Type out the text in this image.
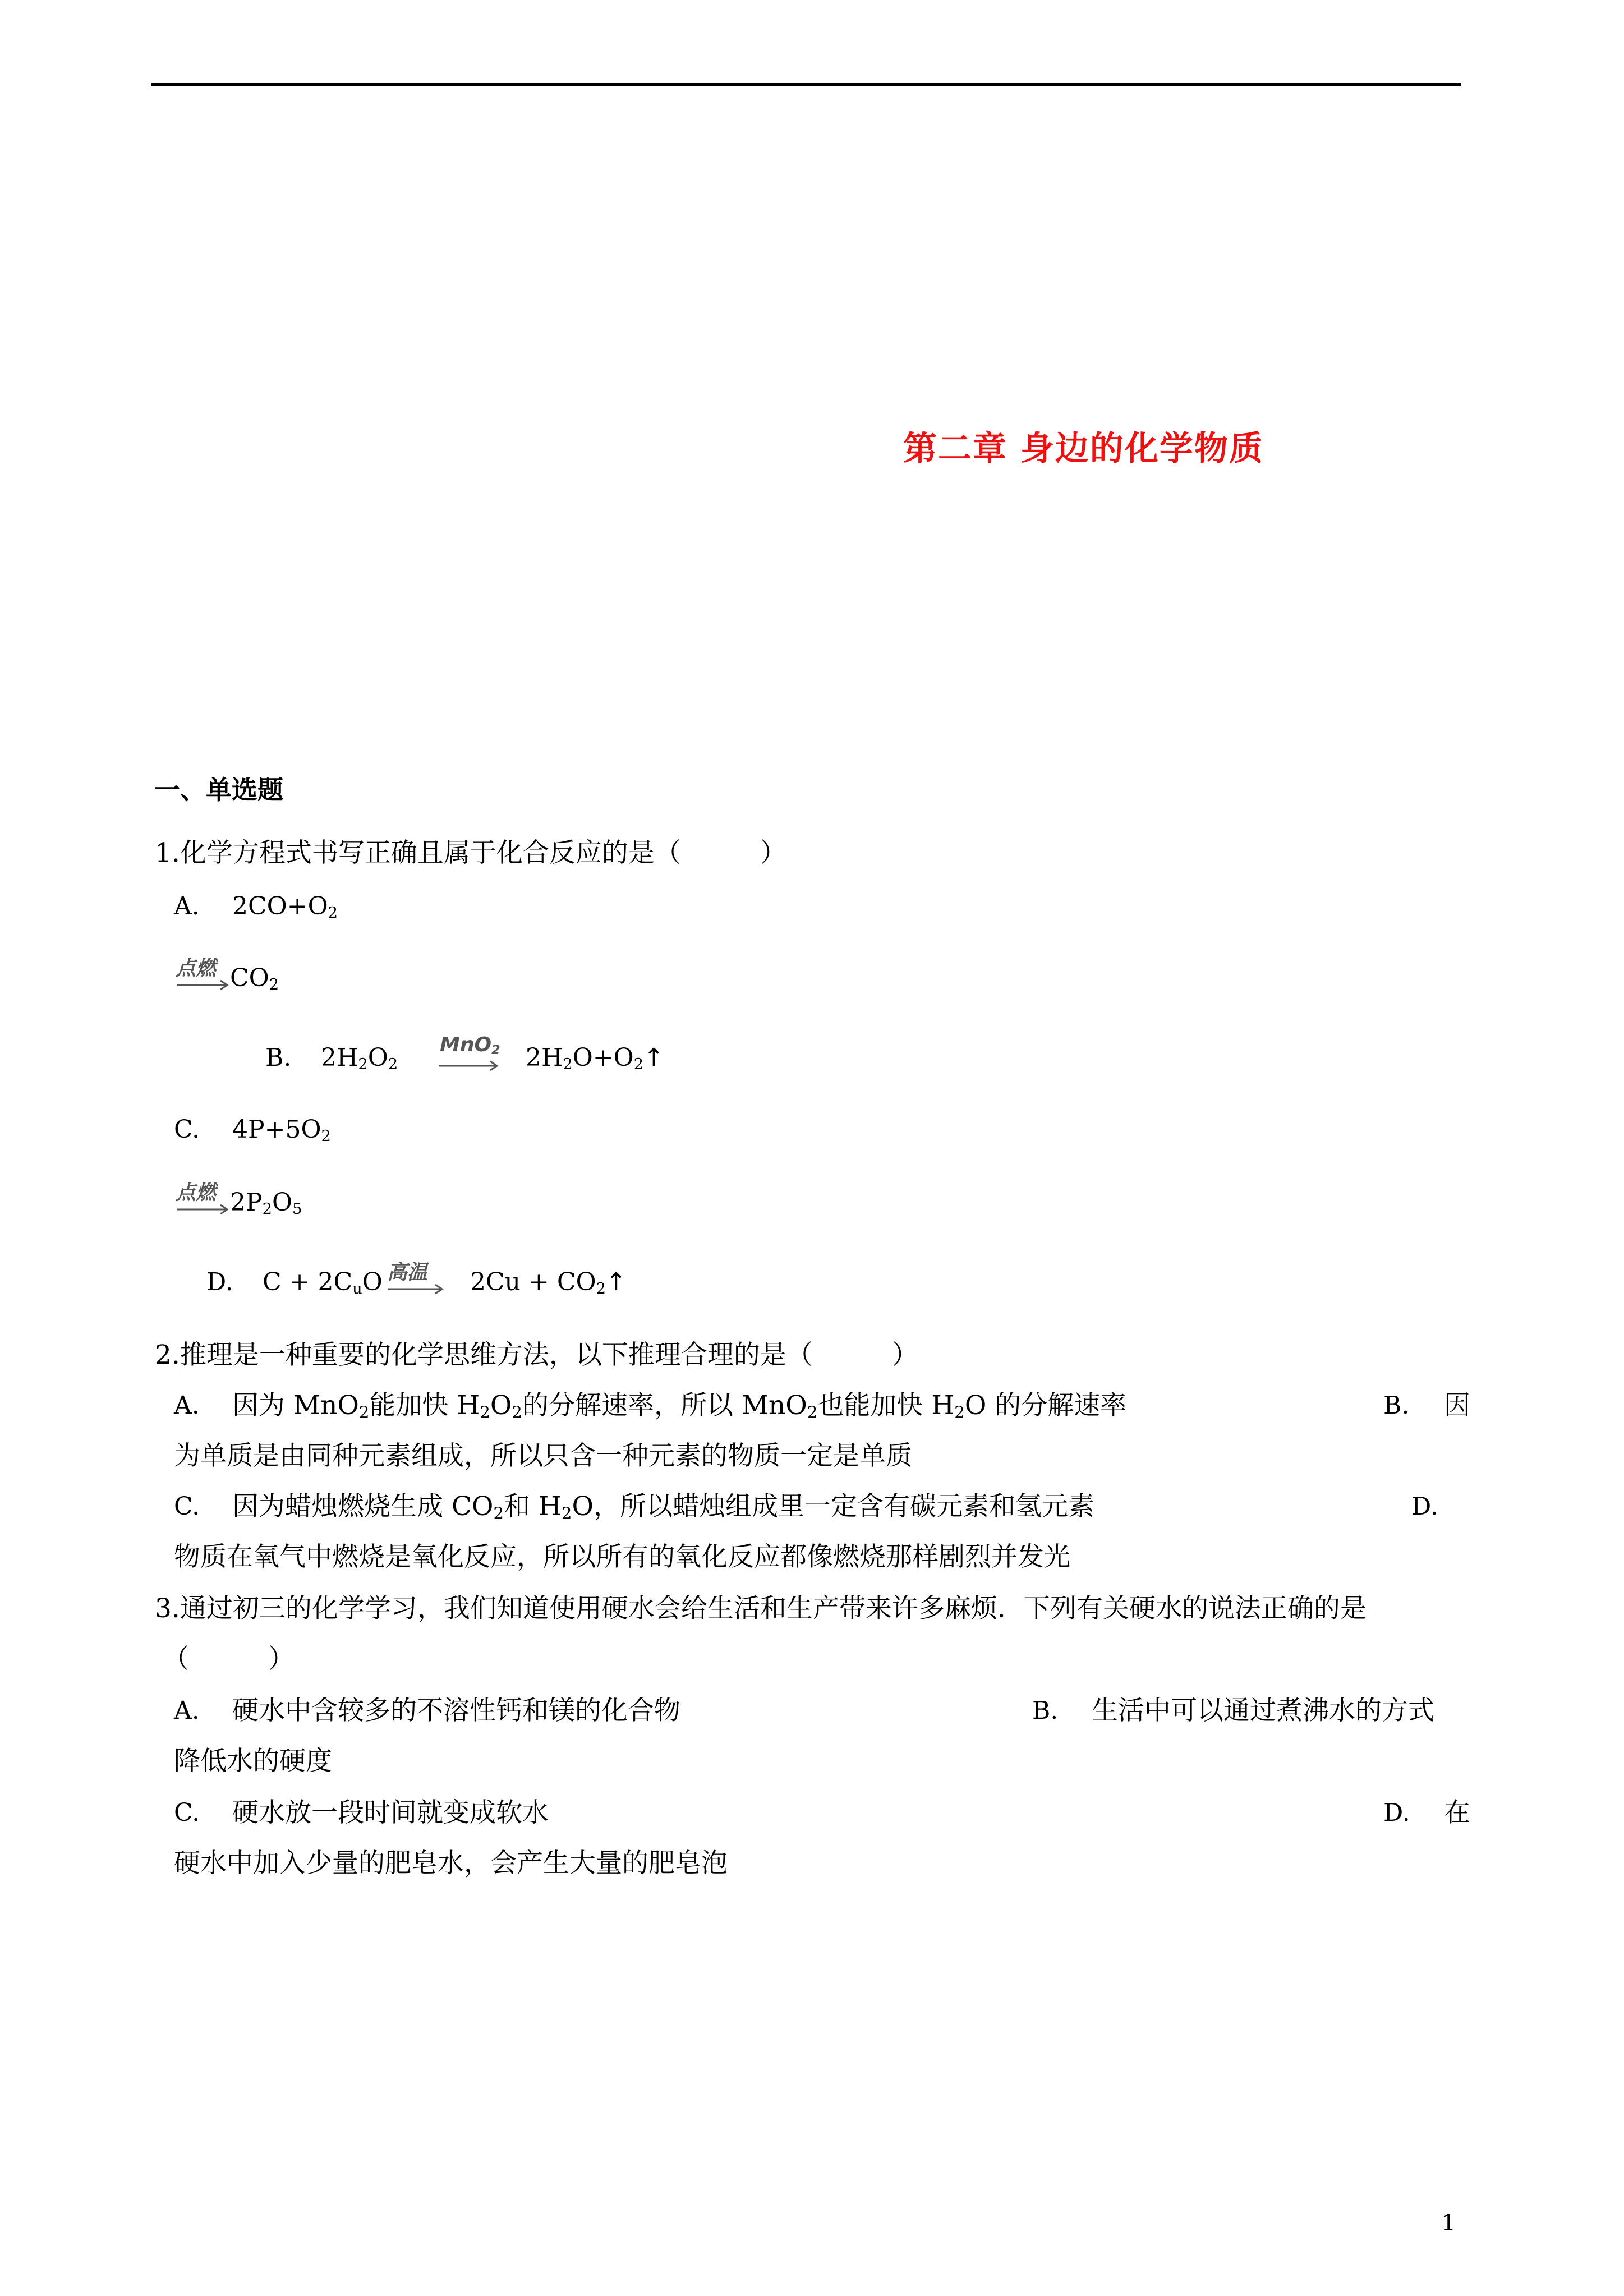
第二章 身边的化学物质
一、单选题
1.化学方程式书写正确且属于化合反应的是（　　　）
A. $2CO+O_2$
点燃 $CO_2$
B. $2H_2O_2$
MnO$_2$ $2H_2O+O_2↑$
C. $4P+5O_2$
点燃 $2P_2O_5$
D. $C + 2C_uO$ 高温 $2Cu + CO_2↑$
2.推理是一种重要的化学思维方法，以下推理合理的是（　　　）
A. 因为 MnO$_2$能加快 $H_2O_2$的分解速率，所以 MnO$_2$也能加快 $H_2O$ 的分解速率	B. 因
为单质是由同种元素组成，所以只含一种元素的物质一定是单质
C. 因为蜡烛燃烧生成 $CO_2$和 $H_2O$，所以蜡烛组成里一定含有碳元素和氢元素	D.
物质在氧气中燃烧是氧化反应，所以所有的氧化反应都像燃烧那样剧烈并发光
3.通过初三的化学学习，我们知道使用硬水会给生活和生产带来许多麻烦．下列有关硬水的说法正确的是
（　　　）
A. 硬水中含较多的不溶性钙和镁的化合物	B. 生活中可以通过煮沸水的方式
降低水的硬度
C. 硬水放一段时间就变成软水	D. 在
硬水中加入少量的肥皂水，会产生大量的肥皂泡
1
